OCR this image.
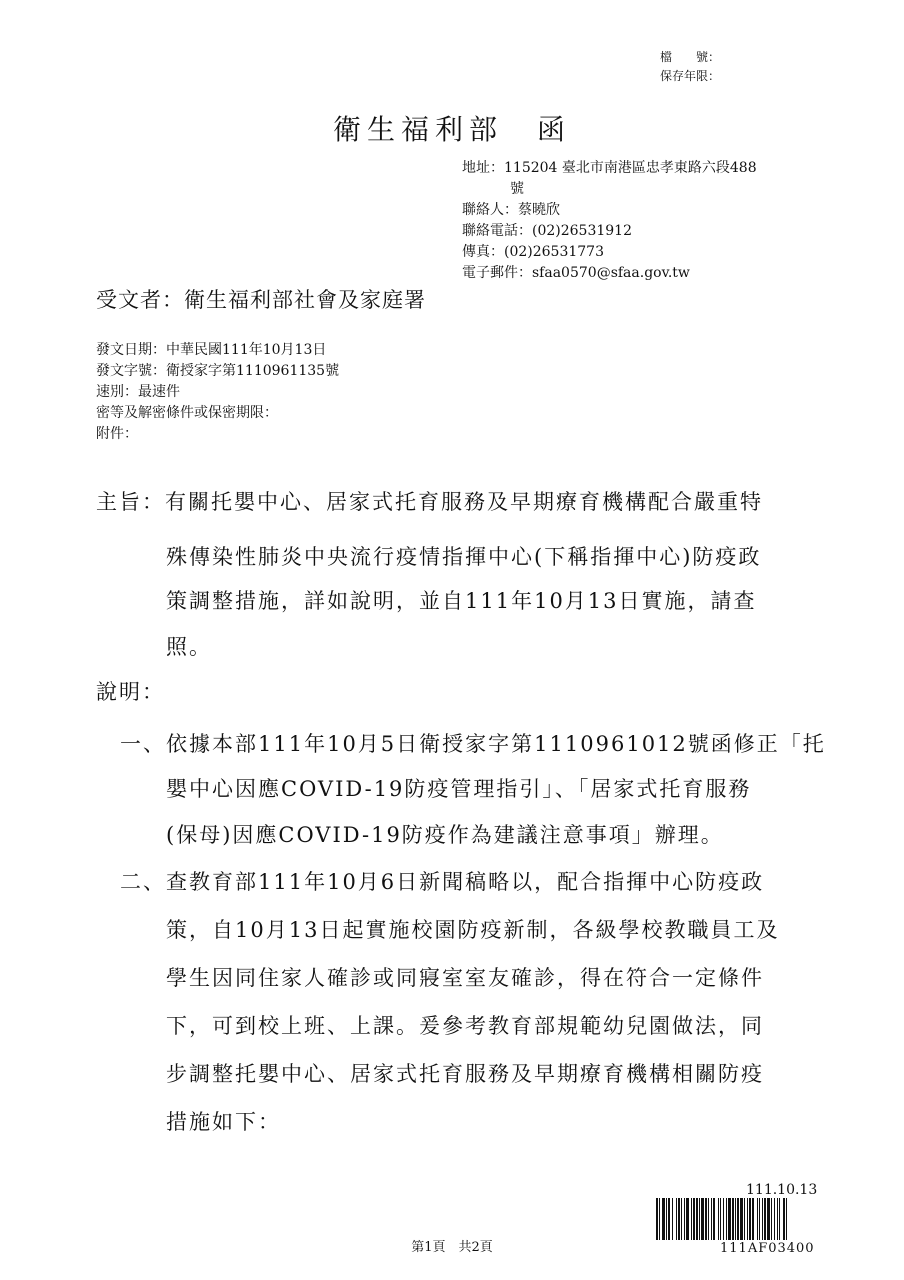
檔　　號：
保存年限：
衛生福利部　函
地址：115204 臺北市南港區忠孝東路六段488
號
聯絡人：蔡曉欣
聯絡電話：(02)26531912
傳真：(02)26531773
電子郵件：sfaa0570@sfaa.gov.tw
受文者：衛生福利部社會及家庭署
發文日期：中華民國111年10月13日
發文字號：衛授家字第1110961135號
速別：最速件
密等及解密條件或保密期限：
附件：
主旨：有關托嬰中心、居家式托育服務及早期療育機構配合嚴重特
殊傳染性肺炎中央流行疫情指揮中心(下稱指揮中心)防疫政
策調整措施，詳如說明，並自111年10月13日實施，請查
照。
說明：
一、依據本部111年10月5日衛授家字第1110961012號函修正「托
嬰中心因應COVID-19防疫管理指引」、「居家式托育服務
(保母)因應COVID-19防疫作為建議注意事項」辦理。
二、查教育部111年10月6日新聞稿略以，配合指揮中心防疫政
策，自10月13日起實施校園防疫新制，各級學校教職員工及
學生因同住家人確診或同寢室室友確診，得在符合一定條件
下，可到校上班、上課。爰參考教育部規範幼兒園做法，同
步調整托嬰中心、居家式托育服務及早期療育機構相關防疫
措施如下：
111.10.13
111AF03400
第1頁　共2頁
